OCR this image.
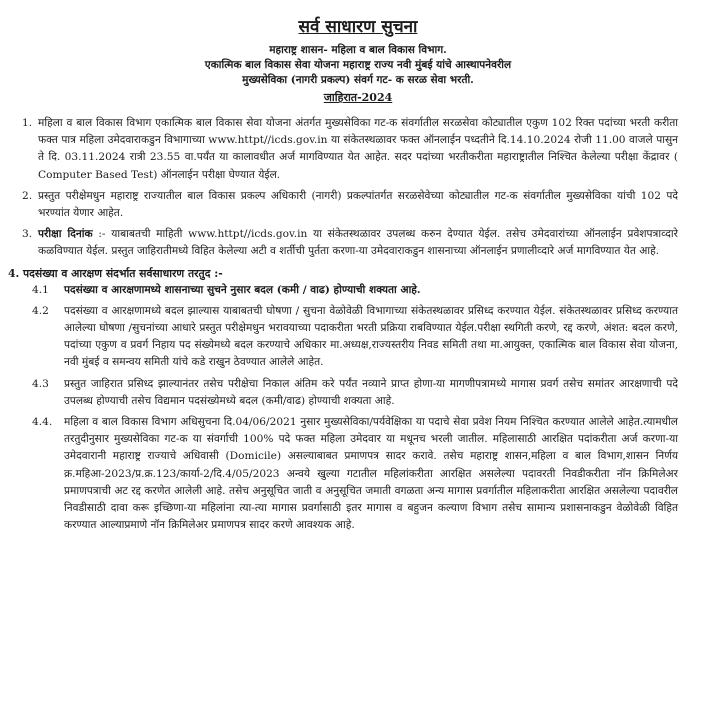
सर्व साधारण सुचना
महाराष्ट्र शासन- महिला व बाल विकास विभाग.
एकात्मिक बाल विकास सेवा योजना महाराष्ट्र राज्य नवी मुंबई यांचे आस्थापनेवरील
मुख्यसेविका (नागरी प्रकल्प) संवर्ग गट- क सरळ सेवा भरती.
जाहिरात-2024
1. महिला व बाल विकास विभाग एकात्मिक बाल विकास सेवा योजना अंतर्गत मुख्यसेविका गट-क संवर्गातील सरळसेवा कोट्यातील एकुण 102 रिक्त पदांच्या भरती करीता फक्त पात्र महिला उमेदवाराकडुन विभागाच्या www.httpt//icds.gov.in या संकेतस्थळावर फक्त ऑनलाईन पध्दतीने दि.14.10.2024 रोजी 11.00 वाजले पासुन ते दि. 03.11.2024 रात्री 23.55 वा.पर्यंत या कालावधीत अर्ज मागविण्यात येत आहेत. सदर पदांच्या भरतीकरीता महाराष्ट्रातील निश्चित केलेल्या परीक्षा केंद्रावर ( Computer Based Test) ऑनलाईन परीक्षा घेण्यात येईल.
2. प्रस्तुत परीक्षेमधुन महाराष्ट्र राज्यातील बाल विकास प्रकल्प अधिकारी (नागरी) प्रकल्पांतर्गत सरळसेवेच्या कोट्यातील गट-क संवर्गातील मुख्यसेविका यांची 102 पदे भरण्यांत येणार आहेत.
3. परीक्षा दिनांक :- याबाबतची माहिती www.httpt//icds.gov.in या संकेतस्थळावर उपलब्ध करुन देण्यात येईल. तसेच उमेदवारांच्या ऑनलाईन प्रवेशपत्राव्दारे कळविण्यात येईल. प्रस्तुत जाहिरातीमध्ये विहित केलेल्या अटी व शर्तीची पुर्तता करणा-या उमेदवाराकडुन शासनाच्या ऑनलाईन प्रणालीव्दारे अर्ज मागविण्यात येत आहे.
4. पदसंख्या व आरक्षण संदर्भात सर्वसाधारण तरतुद :-
4.1 पदसंख्या व आरक्षणामध्ये शासनाच्या सुचने नुसार बदल (कमी / वाढ) होण्याची शक्यता आहे.
4.2 पदसंख्या व आरक्षणामध्ये बदल झाल्यास याबाबतची घोषणा / सुचना वेळोवेळी विभागाच्या संकेतस्थळावर प्रसिध्द करण्यात येईल. संकेतस्थळावर प्रसिध्द करण्यात आलेल्या घोषणा /सुचनांच्या आधारे प्रस्तुत परीक्षेमधुन भरावयाच्या पदाकरीता भरती प्रक्रिया राबविण्यात येईल.परीक्षा स्थगिती करणे, रद्द करणे, अंशत: बदल करणे, पदांच्या एकुण व प्रवर्ग निहाय पद संख्येमध्ये बदल करण्याचे अधिकार मा.अध्यक्ष,राज्यस्तरीय निवड समिती तथा मा.आयुक्त, एकात्मिक बाल विकास सेवा योजना, नवी मुंबई व समन्वय समिती यांचे कडे राखुन ठेवण्यात आलेले आहेत.
4.3 प्रस्तुत जाहिरात प्रसिध्द झाल्यानंतर तसेच परीक्षेचा निकाल अंतिम करे पर्यंत नव्याने प्राप्त होणा-या मागणीपत्रामध्ये मागास प्रवर्ग तसेच समांतर आरक्षणाची पदे उपलब्ध होण्याची तसेच विद्यमान पदसंख्येमध्ये बदल (कमी/वाढ) होण्याची शक्यता आहे.
4.4. महिला व बाल विकास विभाग अधिसुचना दि.04/06/2021 नुसार मुख्यसेविका/पर्यवेक्षिका या पदाचे सेवा प्रवेश नियम निश्चित करण्यात आलेले आहेत.त्यामधील तरतुदीनुसार मुख्यसेविका गट-क या संवर्गाची 100% पदे फक्त महिला उमेदवार या मधूनच भरली जातील. महिलासाठी आरक्षित पदांकरीता अर्ज करणा-या उमेदवारानी महाराष्ट्र राज्याचे अधिवासी (Domicile) असल्याबाबत प्रमाणपत्र सादर करावे. तसेच महाराष्ट्र शासन,महिला व बाल विभाग,शासन निर्णय क्र.महिआ-2023/प्र.क्र.123/कार्या-2/दि.4/05/2023 अन्वये खुल्या गटातील महिलांकरीता आरक्षित असलेल्या पदावरती निवडीकरीता नॉन क्रिमिलेअर प्रमाणपत्राची अट रद्द करणेत आलेली आहे. तसेच अनुसूचित जाती व अनुसूचित जमाती वगळता अन्य मागास प्रवर्गातील महिलाकरीता आरक्षित असलेल्या पदावरील निवडीसाठी दावा करू इच्छिणा-या महिलांना त्या-त्या मागास प्रवर्गासाठी इतर मागास व बहुजन कल्याण विभाग तसेच सामान्य प्रशासनाकडुन वेळोवेळी विहित करण्यात आल्याप्रमाणे नॉन क्रिमिलेअर प्रमाणपत्र सादर करणे आवश्यक आहे.
